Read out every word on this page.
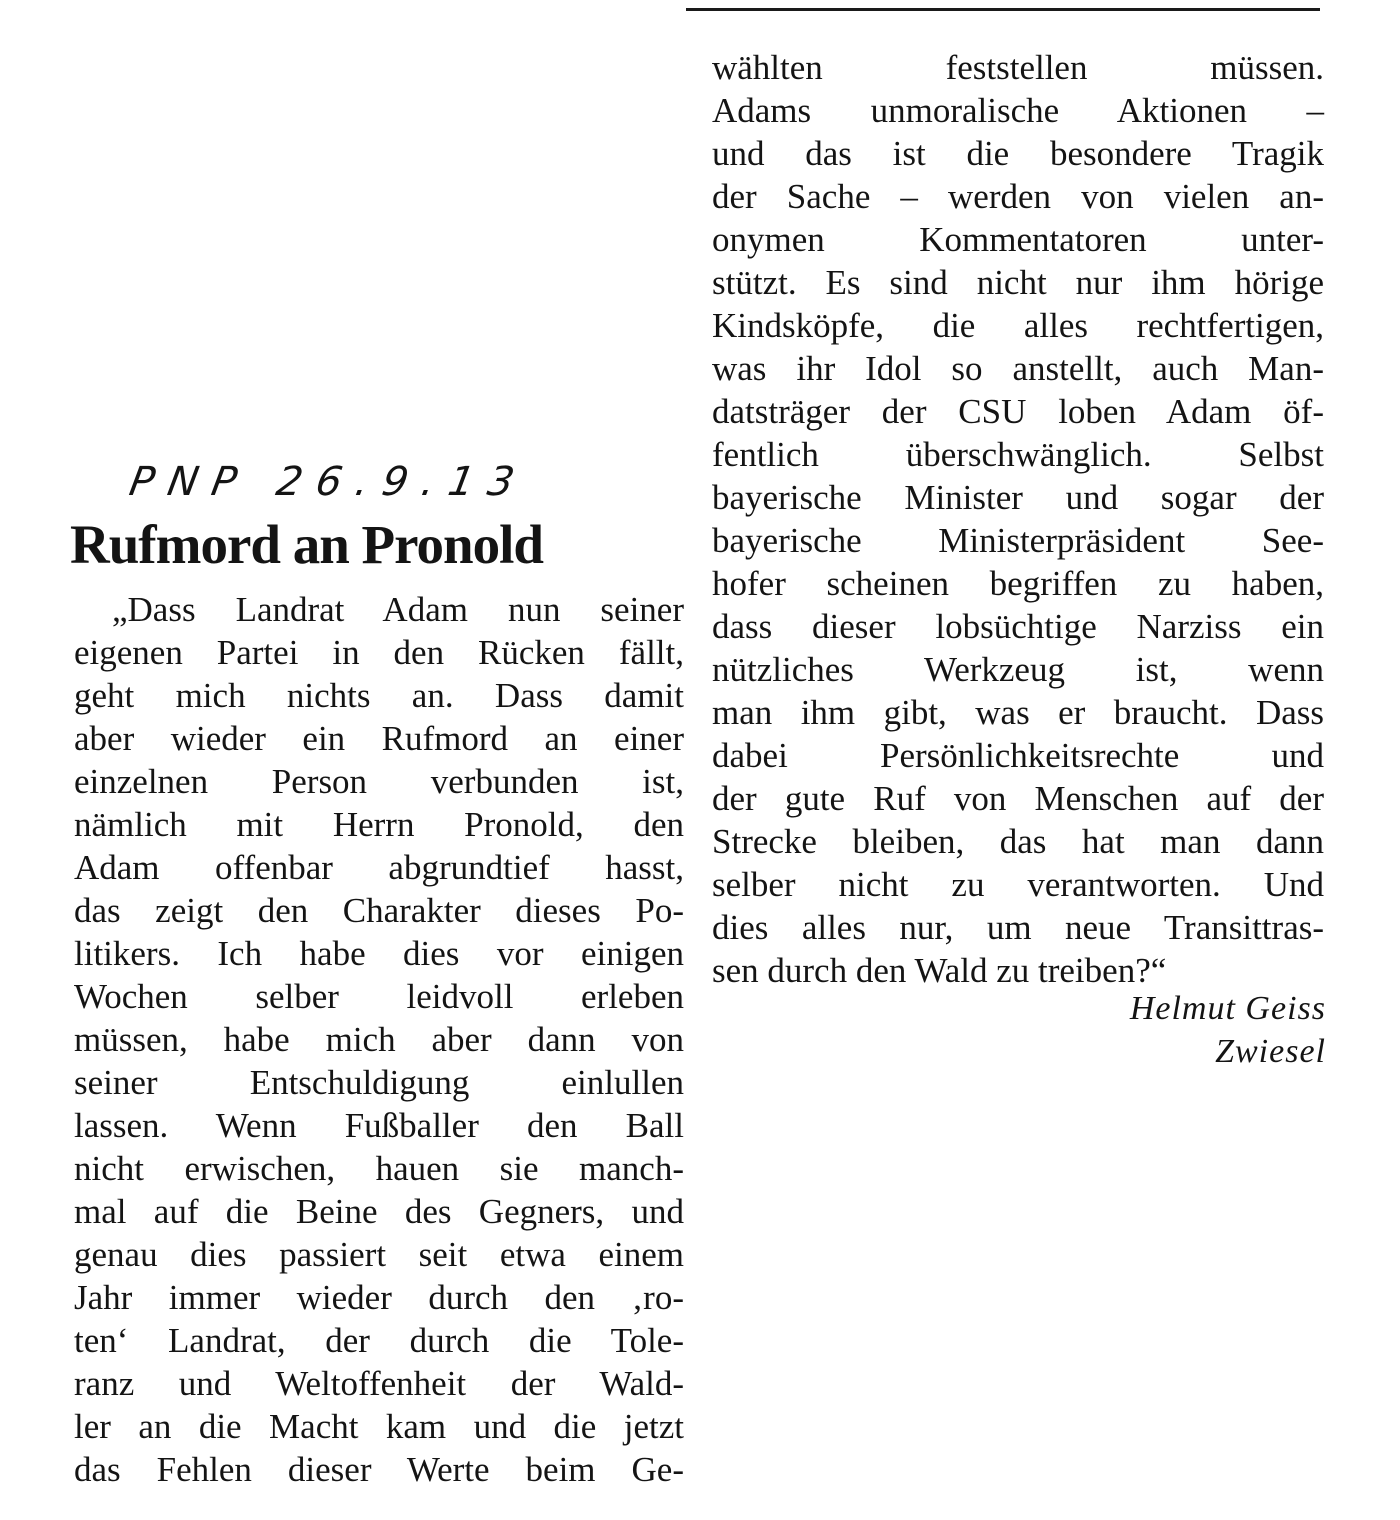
PNP 26.9.13
Rufmord an Pronold
„Dass Landrat Adam nun seiner
eigenen Partei in den Rücken fällt,
geht mich nichts an. Dass damit
aber wieder ein Rufmord an einer
einzelnen Person verbunden ist,
nämlich mit Herrn Pronold, den
Adam offenbar abgrundtief hasst,
das zeigt den Charakter dieses Po-
litikers. Ich habe dies vor einigen
Wochen selber leidvoll erleben
müssen, habe mich aber dann von
seiner Entschuldigung einlullen
lassen. Wenn Fußballer den Ball
nicht erwischen, hauen sie manch-
mal auf die Beine des Gegners, und
genau dies passiert seit etwa einem
Jahr immer wieder durch den ‚ro-
ten‘ Landrat, der durch die Tole-
ranz und Weltoffenheit der Wald-
ler an die Macht kam und die jetzt
das Fehlen dieser Werte beim Ge-
wählten feststellen müssen.
Adams unmoralische Aktionen –
und das ist die besondere Tragik
der Sache – werden von vielen an-
onymen Kommentatoren unter-
stützt. Es sind nicht nur ihm hörige
Kindsköpfe, die alles rechtfertigen,
was ihr Idol so anstellt, auch Man-
datsträger der CSU loben Adam öf-
fentlich überschwänglich. Selbst
bayerische Minister und sogar der
bayerische Ministerpräsident See-
hofer scheinen begriffen zu haben,
dass dieser lobsüchtige Narziss ein
nützliches Werkzeug ist, wenn
man ihm gibt, was er braucht. Dass
dabei Persönlichkeitsrechte und
der gute Ruf von Menschen auf der
Strecke bleiben, das hat man dann
selber nicht zu verantworten. Und
dies alles nur, um neue Transittras-
sen durch den Wald zu treiben?“
Helmut Geiss
Zwiesel
